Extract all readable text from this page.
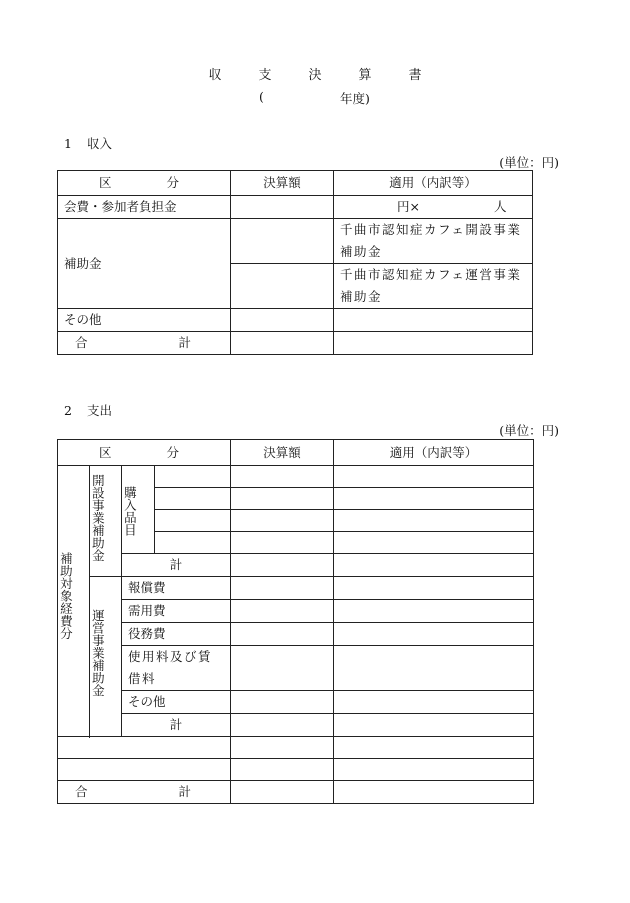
収　支　決　算　書
(	年度)
1 収入
(単位：円)
区　　分	決算額	適用（内訳等）
会費・参加者負担金		円× 人
補助金		千曲市認知症カフェ開設事業補助金
		千曲市認知症カフェ運営事業補助金
その他		
合　　計		
2 支出
(単位：円)
区　　分				決算額	適用（内訳等）

補助対象経費分	開設事業補助金	購入品目			

		計			

	運営事業補助金	報償費			
		需用費			
		役務費			
		使用料及び賃借料			
		その他			
		計			

合　　計					
